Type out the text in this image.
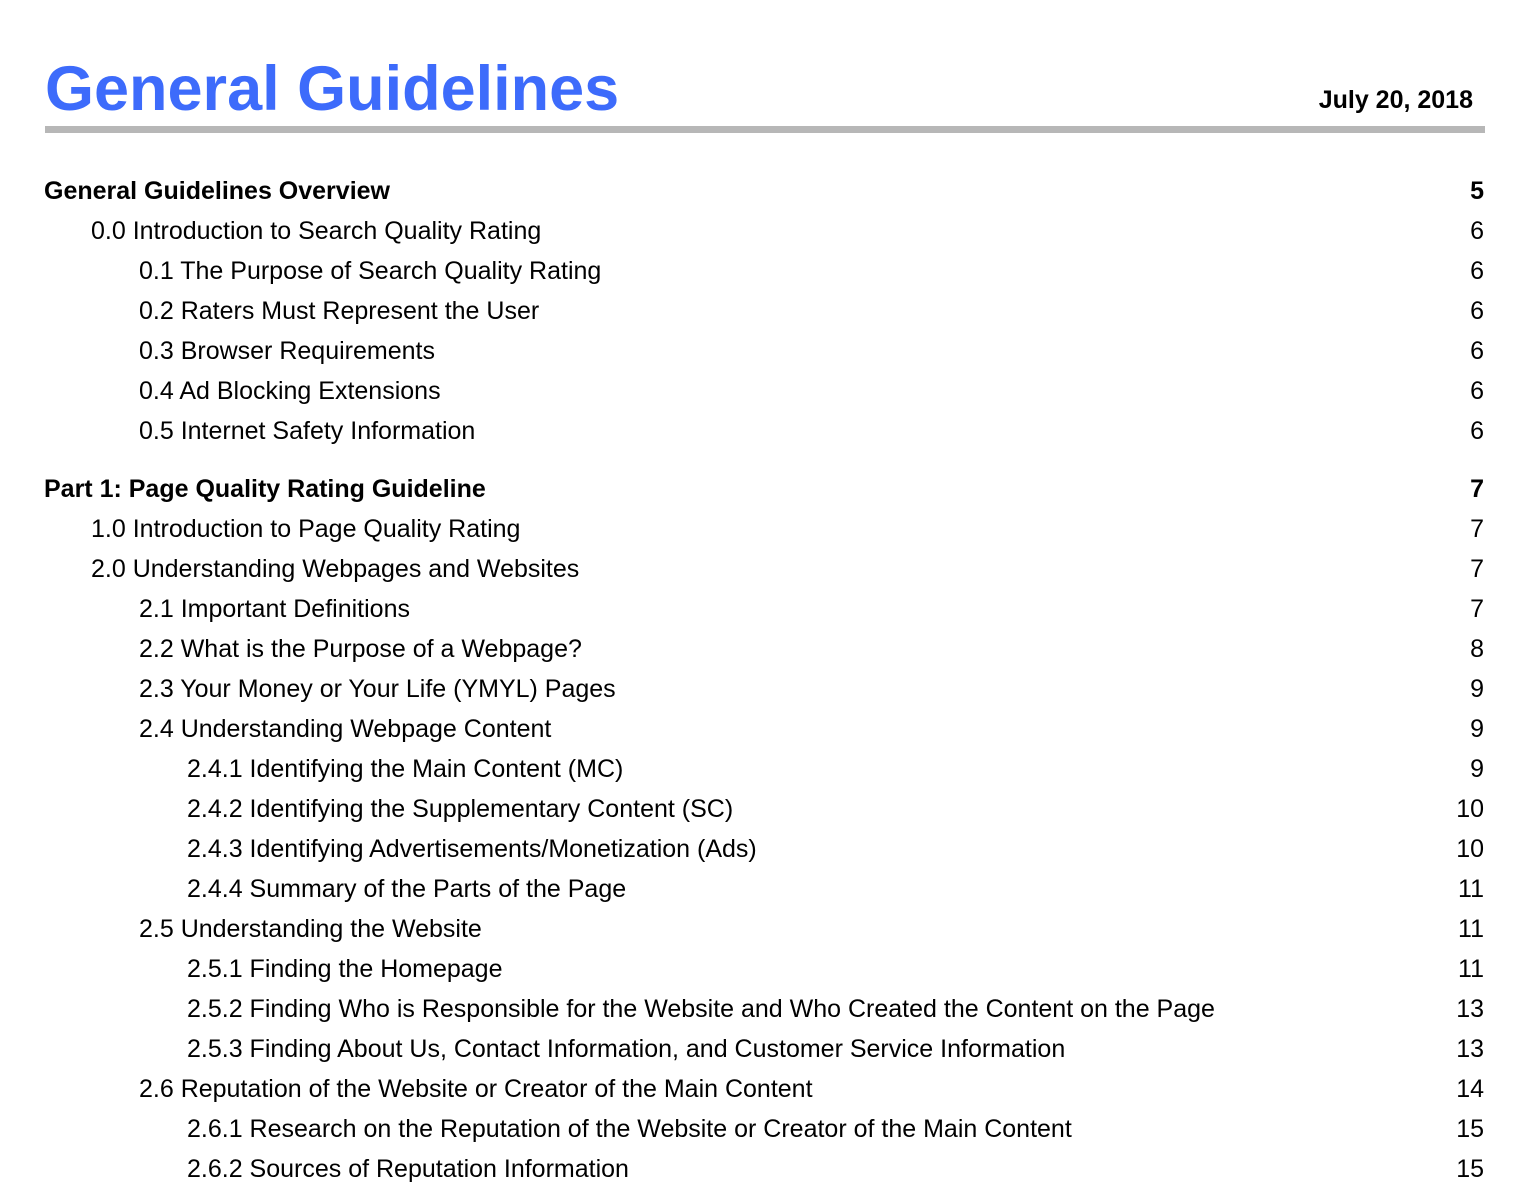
General Guidelines	July 20, 2018
General Guidelines Overview	5
0.0 Introduction to Search Quality Rating	6
0.1 The Purpose of Search Quality Rating	6
0.2 Raters Must Represent the User	6
0.3 Browser Requirements	6
0.4 Ad Blocking Extensions	6
0.5 Internet Safety Information	6
Part 1: Page Quality Rating Guideline	7
1.0 Introduction to Page Quality Rating	7
2.0 Understanding Webpages and Websites	7
2.1 Important Definitions	7
2.2 What is the Purpose of a Webpage?	8
2.3 Your Money or Your Life (YMYL) Pages	9
2.4 Understanding Webpage Content	9
2.4.1 Identifying the Main Content (MC)	9
2.4.2 Identifying the Supplementary Content (SC)	10
2.4.3 Identifying Advertisements/Monetization (Ads)	10
2.4.4 Summary of the Parts of the Page	11
2.5 Understanding the Website	11
2.5.1 Finding the Homepage	11
2.5.2 Finding Who is Responsible for the Website and Who Created the Content on the Page	13
2.5.3 Finding About Us, Contact Information, and Customer Service Information	13
2.6 Reputation of the Website or Creator of the Main Content	14
2.6.1 Research on the Reputation of the Website or Creator of the Main Content	15
2.6.2 Sources of Reputation Information	15
